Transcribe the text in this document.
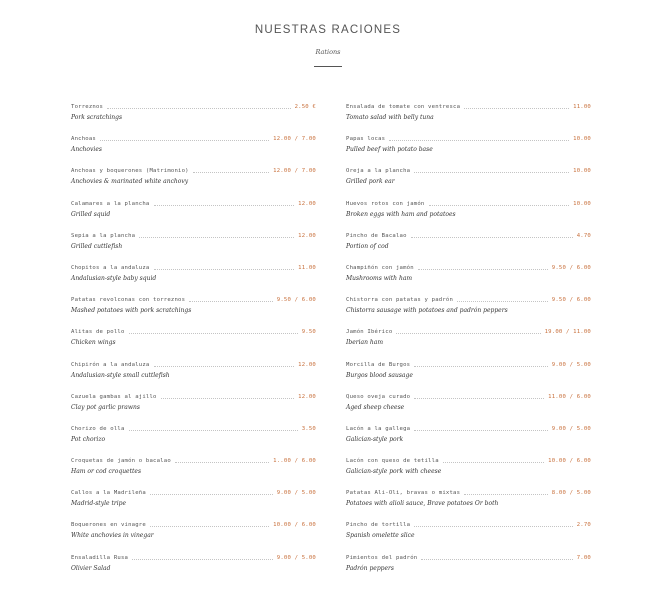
NUESTRAS RACIONES
Rations
Torreznos	2.50 €
Pork scratchings
Anchoas	12.00 / 7.00
Anchovies
Anchoas y boquerones (Matrimonio)	12.00 / 7.00
Anchovies & marinated white anchovy
Calamares a la plancha	12.00
Grilled squid
Sepia a la plancha	12.00
Grilled cuttlefish
Chopitos a la andaluza	11.00
Andalusian-style baby squid
Patatas revolconas con torreznos	9.50 / 6.00
Mashed potatoes with pork scratchings
Alitas de pollo	9.50
Chicken wings
Chipirón a la andaluza	12.00
Andalusian-style small cuttlefish
Cazuela gambas al ajillo	12.00
Clay pot garlic prawns
Chorizo de olla	3.50
Pot chorizo
Croquetas de jamón o bacalao	1..00 / 6.00
Ham or cod croquettes
Callos a la Madrileña	9.00 / 5.00
Madrid-style tripe
Boquerones en vinagre	10.00 / 6.00
White anchovies in vinegar
Ensaladilla Rusa	9.00 / 5.00
Olivier Salad
Ensalada de tomate con ventresca	11.00
Tomato salad with belly tuna
Papas locas	10.00
Pulled beef with potato base
Oreja a la plancha	10.00
Grilled pork ear
Huevos rotos con jamón	10.00
Broken eggs with ham and potatoes
Pincho de Bacalao	4.70
Portion of cod
Champiñón con jamón	9.50 / 6.00
Mushrooms with ham
Chistorra con patatas y padrón	9.50 / 6.00
Chistorra sausage with potatoes and padrón peppers
Jamón Ibérico	19.00 / 11.00
Iberian ham
Morcilla de Burgos	9.00 / 5.00
Burgos blood sausage
Queso oveja curado	11.00 / 6.00
Aged sheep cheese
Lacón a la gallega	9.00 / 5.00
Galician-style pork
Lacón con queso de tetilla	10.00 / 6.00
Galician-style pork with cheese
Patatas Ali-Oli, bravas o mixtas	8.00 / 5.00
Potatoes with alioli sauce, Brave potatoes Or both
Pincho de tortilla	2.70
Spanish omelette slice
Pimientos del padrón	7.00
Padrón peppers
